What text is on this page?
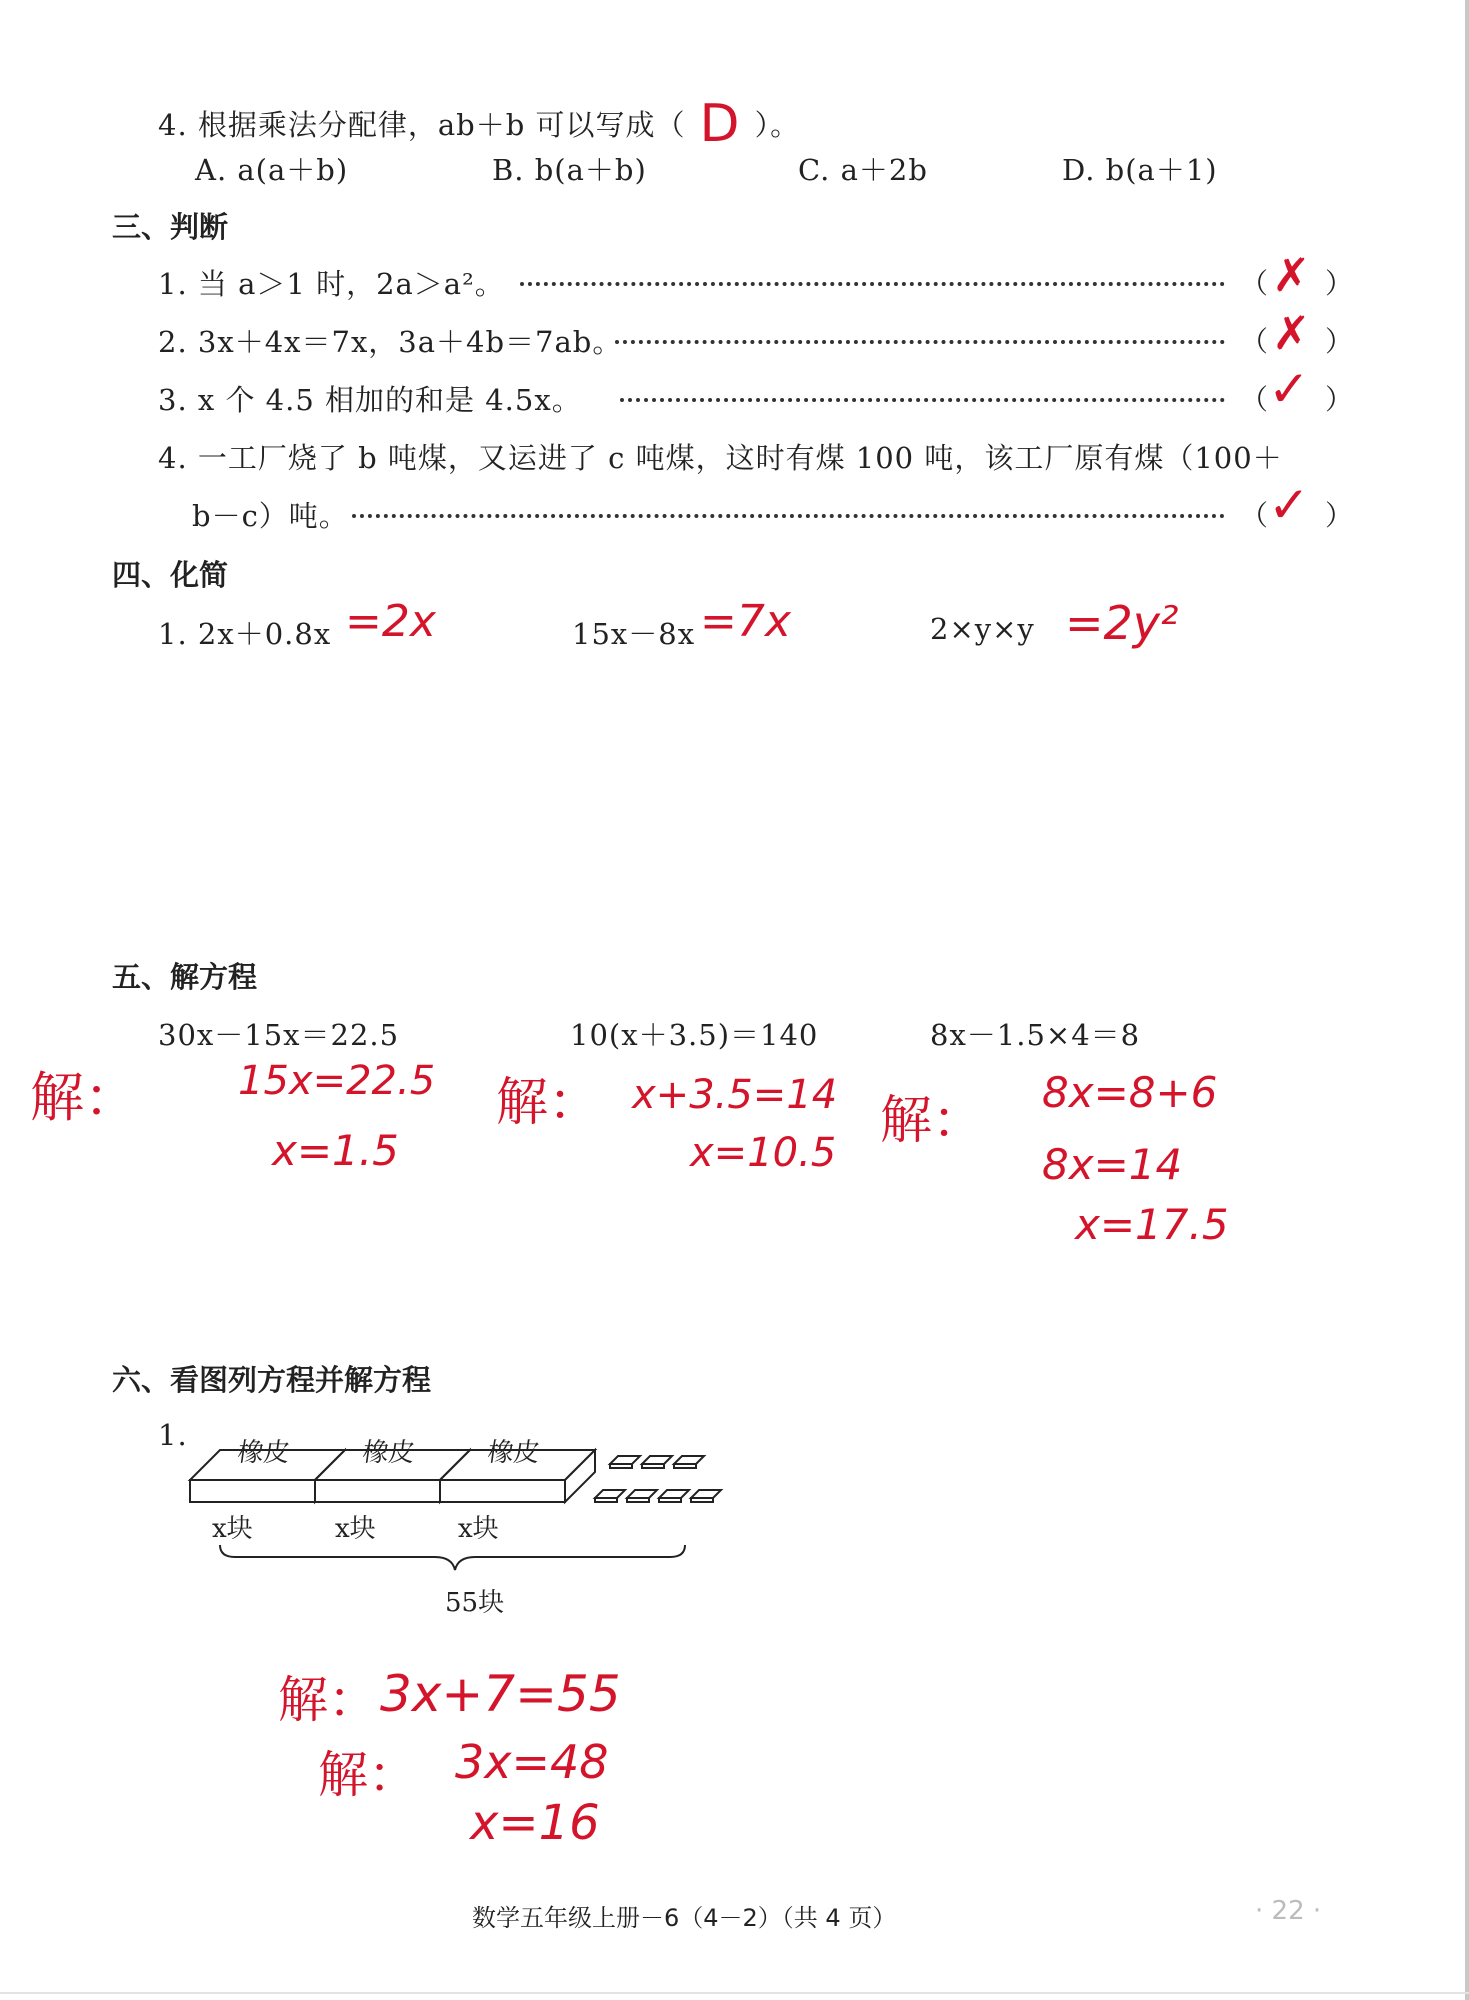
4. 根据乘法分配律，ab＋b 可以写成（ D ）。
A. a(a＋b)	B. b(a＋b)	C. a＋2b	D. b(a＋1)
三、判断
1. 当 a＞1 时，2a＞a²。	（ ✗ ）
2. 3x＋4x＝7x，3a＋4b＝7ab。	（ ✗ ）
3. x 个 4.5 相加的和是 4.5x。	（ ✓ ）
4. 一工厂烧了 b 吨煤，又运进了 c 吨煤，这时有煤 100 吨，该工厂原有煤（100＋
b－c）吨。	（ ✓ ）
四、化简
1. 2x＋0.8x =2x	15x－8x =7x	2×y×y =2y²
五、解方程
30x－15x＝22.5
解：	15x=22.5
x=1.5
10(x＋3.5)＝140
解： x+3.5=14
x=10.5
8x－1.5×4＝8
解： 8x=8+6
8x=14
x=17.5
六、看图列方程并解方程
1.
橡皮	橡皮	橡皮
x块	x块	x块
55块
解： 3x+7=55
解： 3x=48
x=16
数学五年级上册－6（4－2）（共 4 页）	· 22 ·
